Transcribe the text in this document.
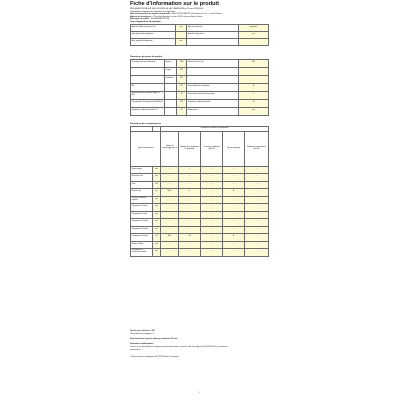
Fiche d'information sur le produit
RÈGLEMENT DÉLÉGUÉ (UE) 2019/2016 DE LA COMMISSION du 11 mars 2019/2016
l'étiquetage énergétique des appareils de réfrigération
Nom du fournisseur ou marque commerciale : ELECTRODOMESTICOS Cetronix & Cie, 1, rue du Lillebon
Adresse du fournisseur : 17 rue des Boiseaux Laurets, 94250 Ivry-sur-Seine, France
Référence du modèle : NF-WB20RHTDFT1B
Type d'appareil de réfrigération :
Appareil à faible émission de bruit	non	Type de construction	pose-libre
Type d'appareil de réfrigération		Appareil à usage du vin	non
Autre appareil de réfrigération	non		
Paramètres généraux du produit :
Dimensions hors tout (millimètres)	Hauteur	1900	Volume total (dm³ ou l)	306
	Largeur	595		
	Profondeur	650		
IEE		84	Classe d'efficacité énergétique	E
Émission de bruit acoustique (dB(A) re 1 pW)		39	Classe d'émission de bruit acoustique	C
Consommation d'énergie annuelle (kWh/an)		254	Température ambiante minimale	10
Température ambiante maximale (°C)		43	Réglage hiver	non
Paramètres des compartiments :
		Paramètres et valeurs du compartiment				
Type de compartiment		Valeurs du compartiment (dm³ ou l)	Réglage de la température recommandé	Pouvoir de congélation (kg/24 h)	Type de dégivrage	Réglage de température le plus bas
Garde-manger	non	—	—	—	—	—
Stockage du vin	non	—	—	—	—	—
Cave	non	—	—	—	—	—
Produits frais	oui	196,0	4	—	A	—
Produits fraîchement surgelés	non	—	—	—	—	—
Compartiment 0-étoile	non	—	—	—	—	—
Compartiment 1 étoile	non	—	—	—	—	—
Compartiment 2 étoiles	non	—	—	—	—	—
Compartiment 3 étoiles	non	—	—	—	—	—
Compartiment 4 étoiles	oui	110,0	-18	—	A	—
Section 2 étoiles	non	—	—	—	—	—
Compartiment à température variable	non	—	—	—	—	—
Type de source lumineuse : LED
Classe d'efficacité énergétique : F
Durée minimale de la garantie offerte par le fabricant : 24 mois
Informations complémentaires :
Lien vers le site web du fabricant, où figurent les informations visées à l'annexe II, point 4 du règlement (UE) 2019/2016 de la Commission :
www.cetronix.fr
(*) Requis lorsque les dérogations (UE) 2019/2016 de la Commission
1
